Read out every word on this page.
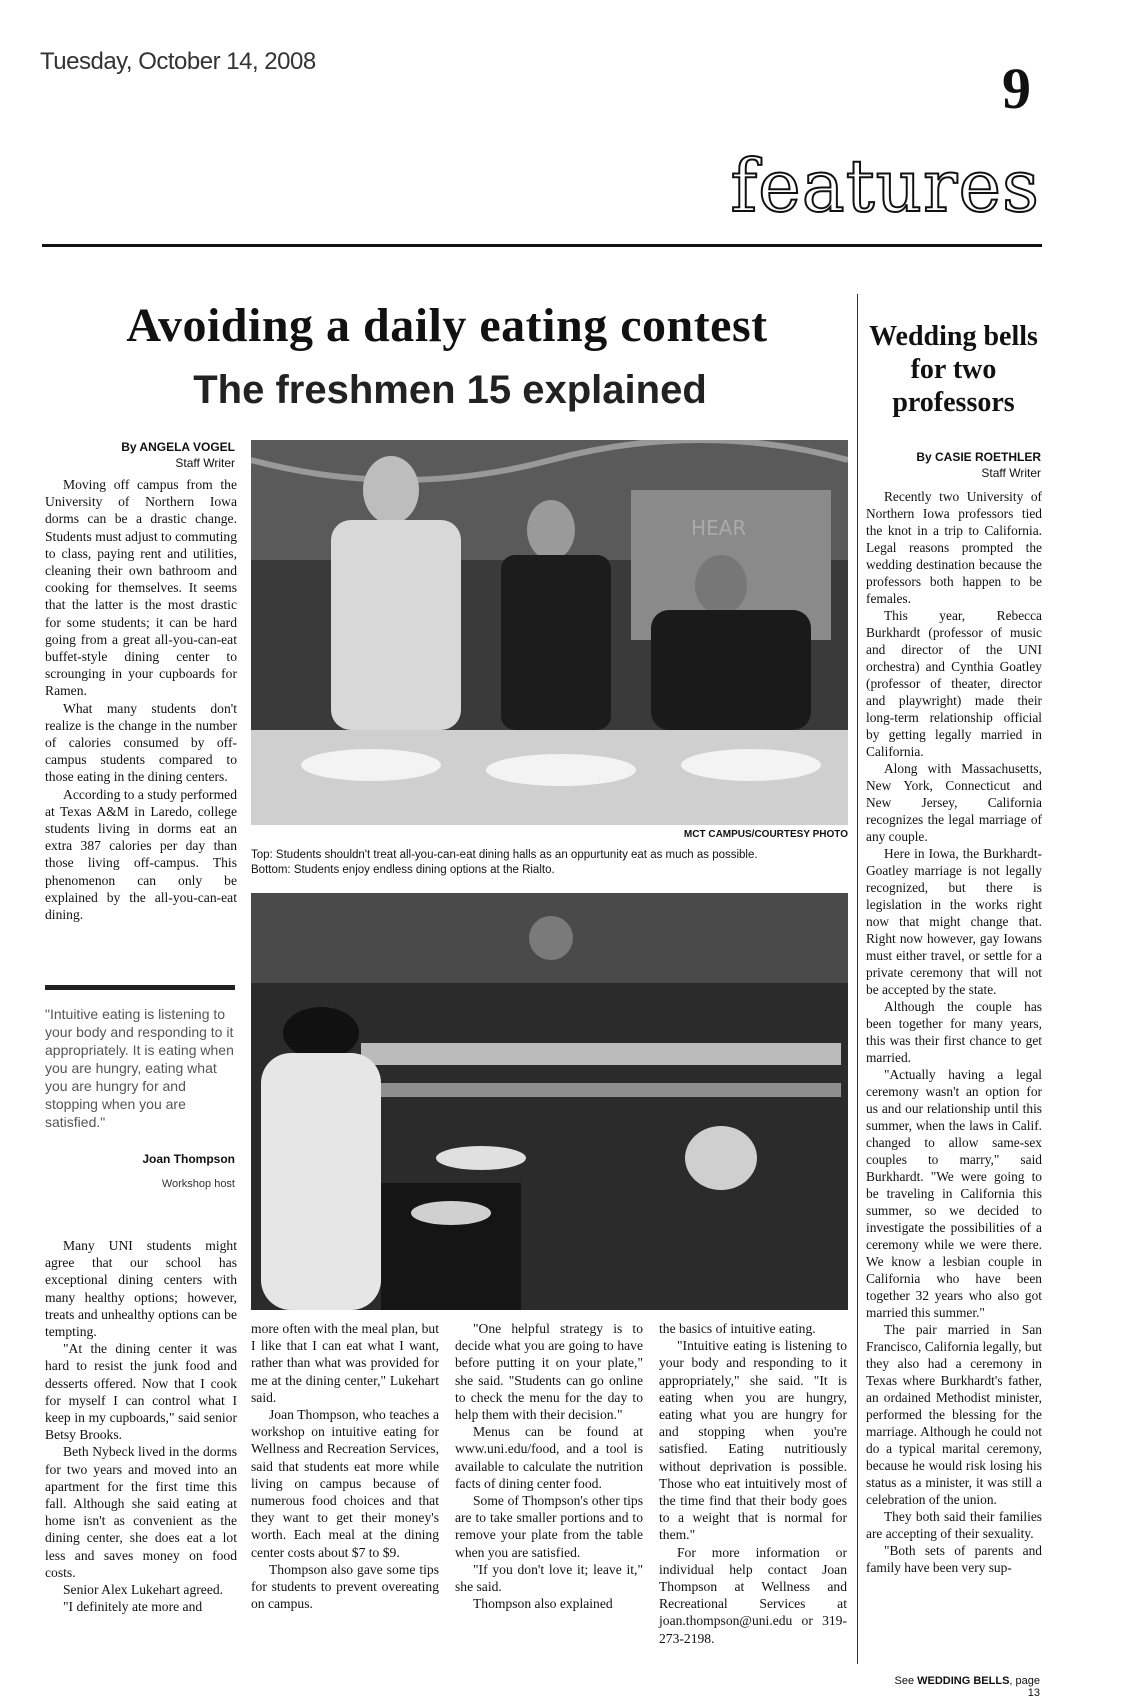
Tuesday, October 14, 2008	9
features
Avoiding a daily eating contest
The freshmen 15 explained
Wedding bells for two professors
By ANGELA VOGEL
Staff Writer

Moving off campus from the University of Northern Iowa dorms can be a drastic change. Students must adjust to commuting to class, paying rent and utilities, cleaning their own bathroom and cooking for themselves. It seems that the latter is the most drastic for some students; it can be hard going from a great all-you-can-eat buffet-style dining center to scrounging in your cupboards for Ramen.

What many students don't realize is the change in the number of calories consumed by off-campus students compared to those eating in the dining centers.

According to a study performed at Texas A&M in Laredo, college students living in dorms eat an extra 387 calories per day than those living off-campus. This phenomenon can only be explained by the all-you-can-eat dining.

"Intuitive eating is listening to your body and responding to it appropriately. It is eating when you are hungry, eating what you are hungry for and stopping when you are satisfied."
Joan Thompson
Workshop host

Many UNI students might agree that our school has exceptional dining centers with many healthy options; however, treats and unhealthy options can be tempting.

"At the dining center it was hard to resist the junk food and desserts offered. Now that I cook for myself I can control what I keep in my cupboards," said senior Betsy Brooks.

Beth Nybeck lived in the dorms for two years and moved into an apartment for the first time this fall. Although she said eating at home isn't as convenient as the dining center, she does eat a lot less and saves money on food costs.

Senior Alex Lukehart agreed.

"I definitely ate more and

HEAR
MCT CAMPUS/COURTESY PHOTO
Top: Students shouldn't treat all-you-can-eat dining halls as an oppurtunity eat as much as possible.
Bottom: Students enjoy endless dining options at the Rialto.

more often with the meal plan, but I like that I can eat what I want, rather than what was provided for me at the dining center," Lukehart said.

Joan Thompson, who teaches a workshop on intuitive eating for Wellness and Recreation Services, said that students eat more while living on campus because of numerous food choices and that they want to get their money's worth. Each meal at the dining center costs about $7 to $9.

Thompson also gave some tips for students to prevent overeating on campus.

"One helpful strategy is to decide what you are going to have before putting it on your plate," she said. "Students can go online to check the menu for the day to help them with their decision."

Menus can be found at www.uni.edu/food, and a tool is available to calculate the nutrition facts of dining center food.

Some of Thompson's other tips are to take smaller portions and to remove your plate from the table when you are satisfied.

"If you don't love it; leave it," she said.

Thompson also explained

the basics of intuitive eating.

"Intuitive eating is listening to your body and responding to it appropriately," she said. "It is eating when you are hungry, eating what you are hungry for and stopping when you're satisfied. Eating nutritiously without deprivation is possible. Those who eat intuitively most of the time find that their body goes to a weight that is normal for them."

For more information or individual help contact Joan Thompson at Wellness and Recreational Services at joan.thompson@uni.edu or 319-273-2198.

By CASIE ROETHLER
Staff Writer

Recently two University of Northern Iowa professors tied the knot in a trip to California. Legal reasons prompted the wedding destination because the professors both happen to be females.

This year, Rebecca Burkhardt (professor of music and director of the UNI orchestra) and Cynthia Goatley (professor of theater, director and playwright) made their long-term relationship official by getting legally married in California.

Along with Massachusetts, New York, Connecticut and New Jersey, California recognizes the legal marriage of any couple.

Here in Iowa, the Burkhardt-Goatley marriage is not legally recognized, but there is legislation in the works right now that might change that. Right now however, gay Iowans must either travel, or settle for a private ceremony that will not be accepted by the state.

Although the couple has been together for many years, this was their first chance to get married.

"Actually having a legal ceremony wasn't an option for us and our relationship until this summer, when the laws in Calif. changed to allow same-sex couples to marry," said Burkhardt. "We were going to be traveling in California this summer, so we decided to investigate the possibilities of a ceremony while we were there. We know a lesbian couple in California who have been together 32 years who also got married this summer."

The pair married in San Francisco, California legally, but they also had a ceremony in Texas where Burkhardt's father, an ordained Methodist minister, performed the blessing for the marriage. Although he could not do a typical marital ceremony, because he would risk losing his status as a minister, it was still a celebration of the union.

They both said their families are accepting of their sexuality.

"Both sets of parents and family have been very sup-

See WEDDING BELLS, page 13
